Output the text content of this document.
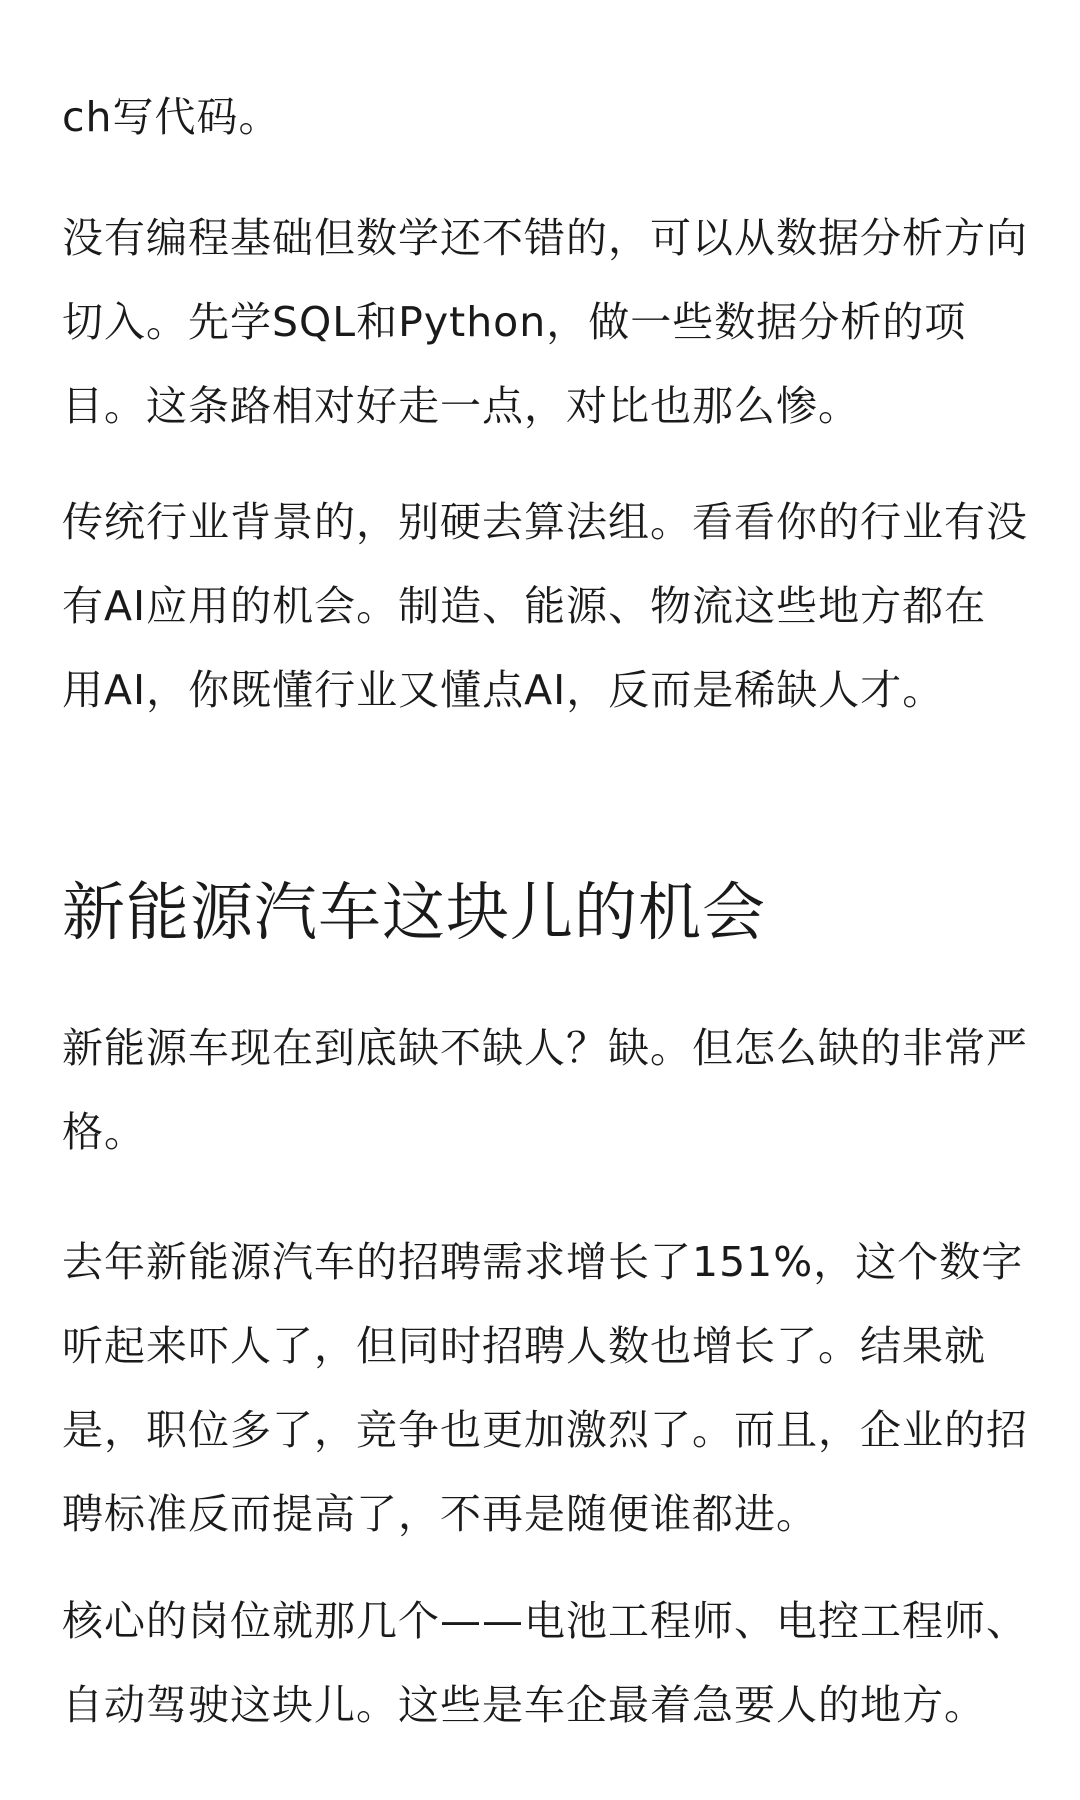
ch写代码。

没有编程基础但数学还不错的，可以从数据分析方向切入。先学SQL和Python，做一些数据分析的项目。这条路相对好走一点，对比也那么惨。

传统行业背景的，别硬去算法组。看看你的行业有没有AI应用的机会。制造、能源、物流这些地方都在用AI，你既懂行业又懂点AI，反而是稀缺人才。

新能源汽车这块儿的机会

新能源车现在到底缺不缺人？缺。但怎么缺的非常严格。

去年新能源汽车的招聘需求增长了151%，这个数字听起来吓人了，但同时招聘人数也增长了。结果就是，职位多了，竞争也更加激烈了。而且，企业的招聘标准反而提高了，不再是随便谁都进。

核心的岗位就那几个——电池工程师、电控工程师、自动驾驶这块儿。这些是车企最着急要人的地方。
